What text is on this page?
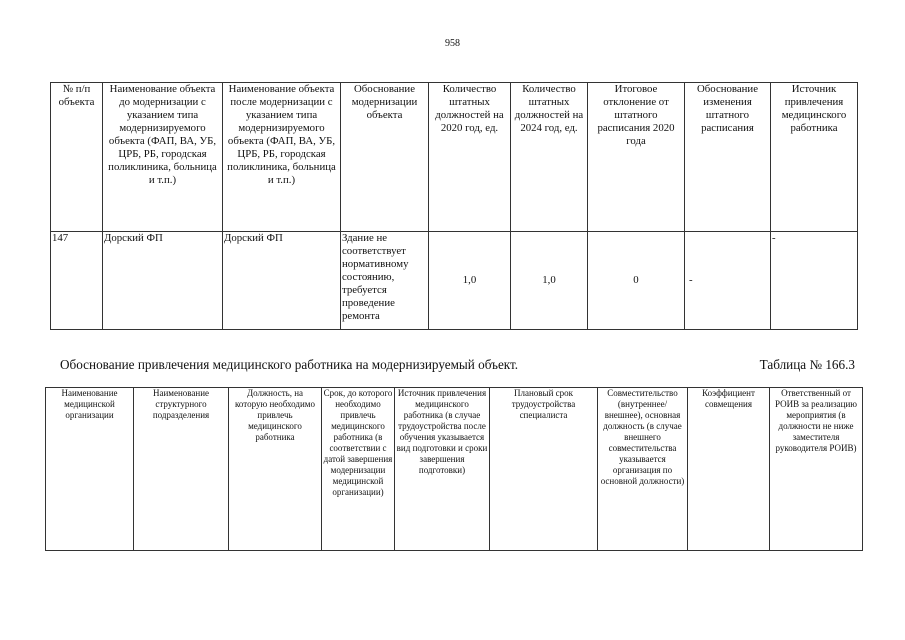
958
№ п/п объекта	Наименование объекта до модернизации с указанием типа модернизируемого объекта (ФАП, ВА, УБ, ЦРБ, РБ, городская поликлиника, больница и т.п.)	Наименование объекта после модернизации с указанием типа модернизируемого объекта (ФАП, ВА, УБ, ЦРБ, РБ, городская поликлиника, больница и т.п.)	Обоснование модернизации объекта	Количество штатных должностей на 2020 год, ед.	Количество штатных должностей на 2024 год, ед.	Итоговое отклонение от штатного расписания 2020 года	Обоснование изменения штатного расписания	Источник привлечения медицинского работника
147	Дорский ФП	Дорский ФП	Здание не соответствует нормативному состоянию, требуется проведение ремонта	1,0	1,0	0	-	-
Обоснование привлечения медицинского работника на модернизируемый объект.	Таблица № 166.3
Наименование медицинской организации	Наименование структурного подразделения	Должность, на которую необходимо привлечь медицинского работника	Срок, до которого необходимо привлечь медицинского работника (в соответствии с датой завершения модернизации медицинской организации)	Источник привлечения медицинского работника (в случае трудоустройства после обучения указывается вид подготовки и сроки завершения подготовки)	Плановый срок трудоустройства специалиста	Совместительство (внутреннее/внешнее), основная должность (в случае внешнего совместительства указывается организация по основной должности)	Коэффициент совмещения	Ответственный от РОИВ за реализацию мероприятия (в должности не ниже заместителя руководителя РОИВ)
